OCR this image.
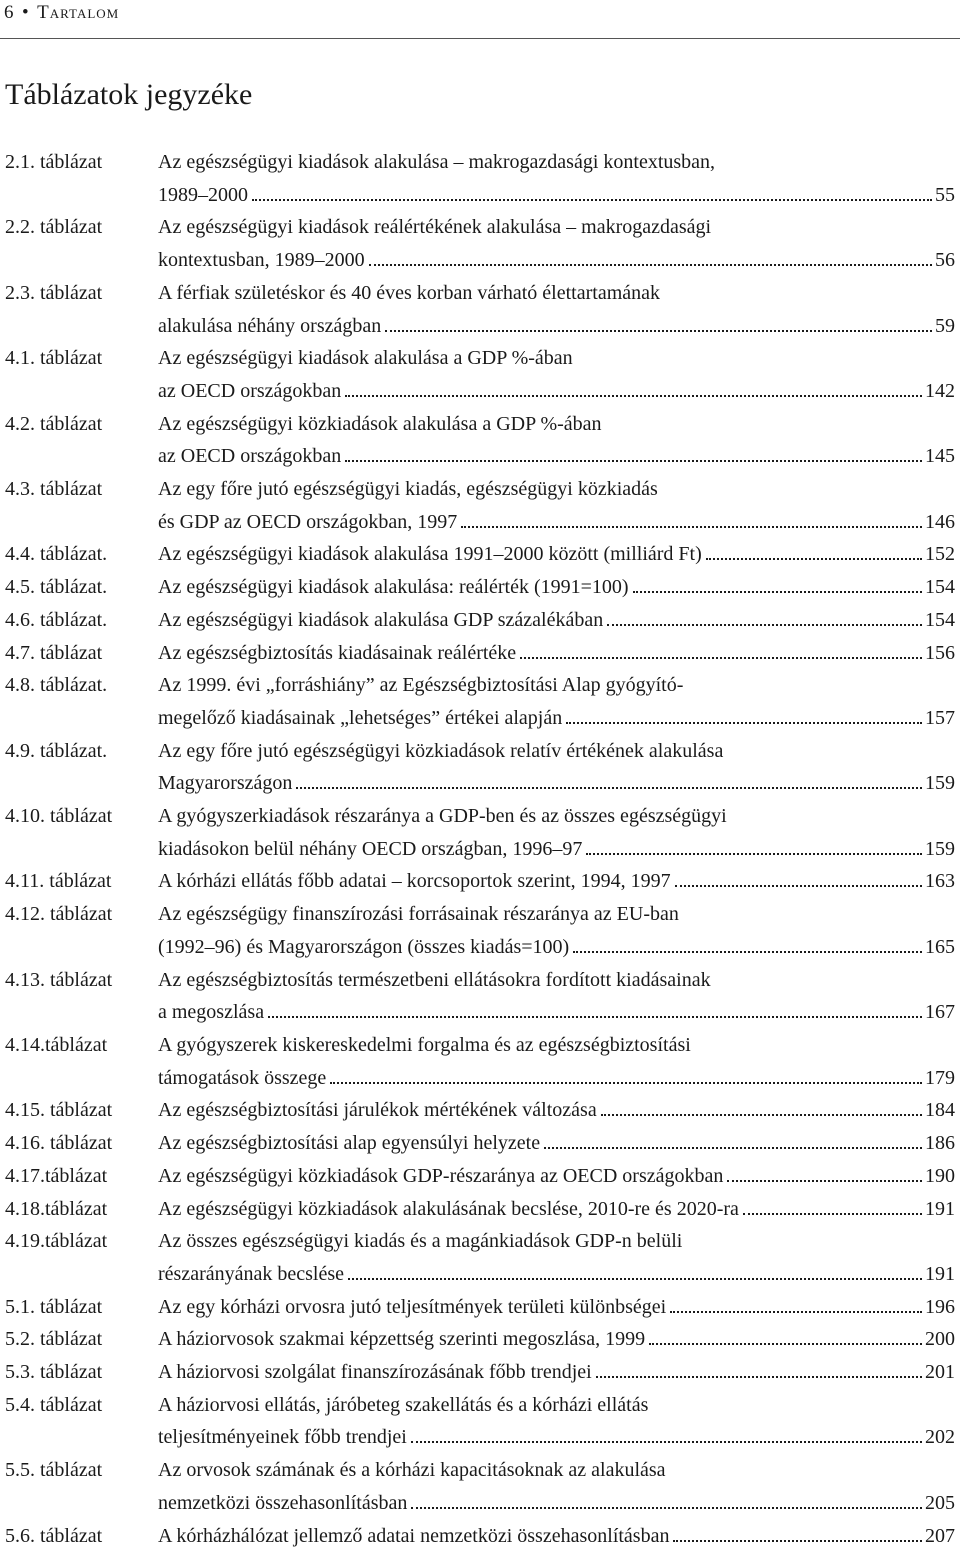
6 • Tartalom
Táblázatok jegyzéke
2.1. táblázat	Az egészségügyi kiadások alakulása – makrogazdasági kontextusban,
1989–2000	55
2.2. táblázat	Az egészségügyi kiadások reálértékének alakulása – makrogazdasági
kontextusban, 1989–2000	56
2.3. táblázat	A férfiak születéskor és 40 éves korban várható élettartamának
alakulása néhány országban	59
4.1. táblázat	Az egészségügyi kiadások alakulása a GDP %-ában
az OECD országokban	142
4.2. táblázat	Az egészségügyi közkiadások alakulása a GDP %-ában
az OECD országokban	145
4.3. táblázat	Az egy főre jutó egészségügyi kiadás, egészségügyi közkiadás
és GDP az OECD országokban, 1997	146
4.4. táblázat.	Az egészségügyi kiadások alakulása 1991–2000 között (milliárd Ft)	152
4.5. táblázat.	Az egészségügyi kiadások alakulása: reálérték (1991=100)	154
4.6. táblázat.	Az egészségügyi kiadások alakulása GDP százalékában	154
4.7. táblázat	Az egészségbiztosítás kiadásainak reálértéke	156
4.8. táblázat.	Az 1999. évi „forráshiány” az Egészségbiztosítási Alap gyógyító-
megelőző kiadásainak „lehetséges” értékei alapján	157
4.9. táblázat.	Az egy főre jutó egészségügyi közkiadások relatív értékének alakulása
Magyarországon	159
4.10. táblázat A gyógyszerkiadások részaránya a GDP-ben és az összes egészségügyi
kiadásokon belül néhány OECD országban, 1996–97	159
4.11. táblázat A kórházi ellátás főbb adatai – korcsoportok szerint, 1994, 1997	163
4.12. táblázat Az egészségügy finanszírozási forrásainak részaránya az EU-ban
(1992–96) és Magyarországon (összes kiadás=100)	165
4.13. táblázat Az egészségbiztosítás természetbeni ellátásokra fordított kiadásainak
a megoszlása	167
4.14.táblázat	A gyógyszerek kiskereskedelmi forgalma és az egészségbiztosítási
támogatások összege	179
4.15. táblázat Az egészségbiztosítási járulékok mértékének változása	184
4.16. táblázat Az egészségbiztosítási alap egyensúlyi helyzete	186
4.17.táblázat	Az egészségügyi közkiadások GDP-részaránya az OECD országokban	190
4.18.táblázat	Az egészségügyi közkiadások alakulásának becslése, 2010-re és 2020-ra	191
4.19.táblázat	Az összes egészségügyi kiadás és a magánkiadások GDP-n belüli
részarányának becslése	191
5.1. táblázat	Az egy kórházi orvosra jutó teljesítmények területi különbségei	196
5.2. táblázat	A háziorvosok szakmai képzettség szerinti megoszlása, 1999	200
5.3. táblázat	A háziorvosi szolgálat finanszírozásának főbb trendjei	201
5.4. táblázat	A háziorvosi ellátás, járóbeteg szakellátás és a kórházi ellátás
teljesítményeinek főbb trendjei	202
5.5. táblázat	Az orvosok számának és a kórházi kapacitásoknak az alakulása
nemzetközi összehasonlításban	205
5.6. táblázat	A kórházhálózat jellemző adatai nemzetközi összehasonlításban	207
